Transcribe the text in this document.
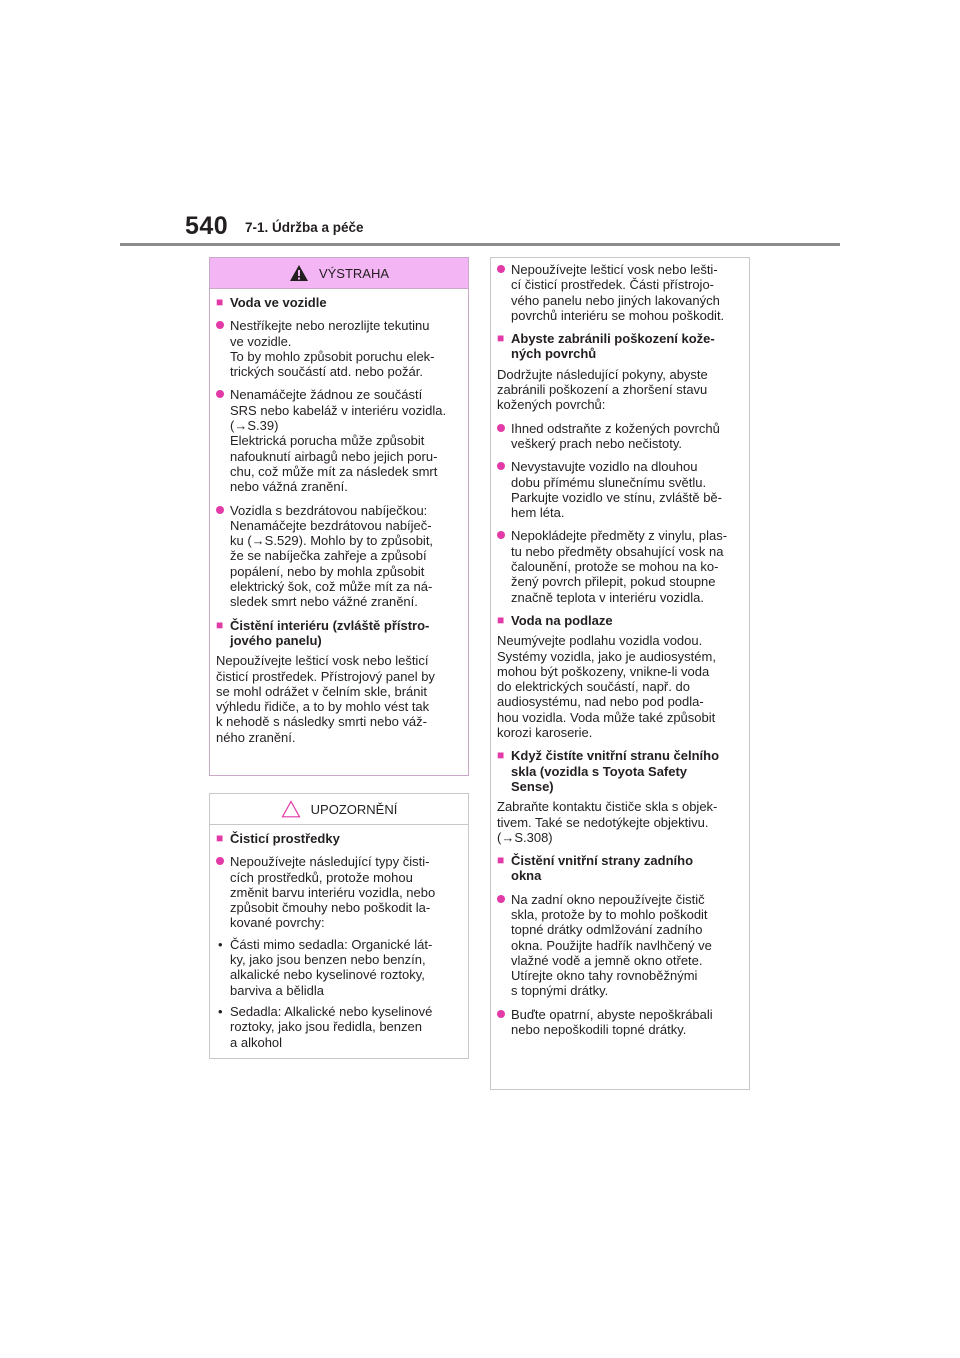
540 7-1. Údržba a péče
VÝSTRAHA
■ Voda ve vozidle
Nestříkejte nebo nerozlijte tekutinu
ve vozidle.
To by mohlo způsobit poruchu elek-
trických součástí atd. nebo požár.
Nenamáčejte žádnou ze součástí
SRS nebo kabeláž v interiéru vozidla.
(→S.39)
Elektrická porucha může způsobit
nafouknutí airbagů nebo jejich poru-
chu, což může mít za následek smrt
nebo vážná zranění.
Vozidla s bezdrátovou nabíječkou:
Nenamáčejte bezdrátovou nabíječ-
ku (→S.529). Mohlo by to způsobit,
že se nabíječka zahřeje a způsobí
popálení, nebo by mohla způsobit
elektrický šok, což může mít za ná-
sledek smrt nebo vážné zranění.
■ Čistění interiéru (zvláště přístro-
jového panelu)
Nepoužívejte lešticí vosk nebo lešticí
čisticí prostředek. Přístrojový panel by
se mohl odrážet v čelním skle, bránit
výhledu řidiče, a to by mohlo vést tak
k nehodě s následky smrti nebo váž-
ného zranění.
UPOZORNĚNÍ
■ Čisticí prostředky
Nepoužívejte následující typy čisti-
cích prostředků, protože mohou
změnit barvu interiéru vozidla, nebo
způsobit čmouhy nebo poškodit la-
kované povrchy:
• Části mimo sedadla: Organické lát-
ky, jako jsou benzen nebo benzín,
alkalické nebo kyselinové roztoky,
barviva a bělidla
• Sedadla: Alkalické nebo kyselinové
roztoky, jako jsou ředidla, benzen
a alkohol
Nepoužívejte lešticí vosk nebo lešti-
cí čisticí prostředek. Části přístrojo-
vého panelu nebo jiných lakovaných
povrchů interiéru se mohou poškodit.
■ Abyste zabránili poškození kože-
ných povrchů
Dodržujte následující pokyny, abyste
zabránili poškození a zhoršení stavu
kožených povrchů:
Ihned odstraňte z kožených povrchů
veškerý prach nebo nečistoty.
Nevystavujte vozidlo na dlouhou
dobu přímému slunečnímu světlu.
Parkujte vozidlo ve stínu, zvláště bě-
hem léta.
Nepokládejte předměty z vinylu, plas-
tu nebo předměty obsahující vosk na
čalounění, protože se mohou na ko-
žený povrch přilepit, pokud stoupne
značně teplota v interiéru vozidla.
■ Voda na podlaze
Neumývejte podlahu vozidla vodou.
Systémy vozidla, jako je audiosystém,
mohou být poškozeny, vnikne-li voda
do elektrických součástí, např. do
audiosystému, nad nebo pod podla-
hou vozidla. Voda může také způsobit
korozi karoserie.
■ Když čistíte vnitřní stranu čelního
skla (vozidla s Toyota Safety
Sense)
Zabraňte kontaktu čističe skla s objek-
tivem. Také se nedotýkejte objektivu.
(→S.308)
■ Čistění vnitřní strany zadního
okna
Na zadní okno nepoužívejte čistič
skla, protože by to mohlo poškodit
topné drátky odmlžování zadního
okna. Použijte hadřík navlhčený ve
vlažné vodě a jemně okno otřete.
Utírejte okno tahy rovnoběžnými
s topnými drátky.
Buďte opatrní, abyste nepoškrábali
nebo nepoškodili topné drátky.
